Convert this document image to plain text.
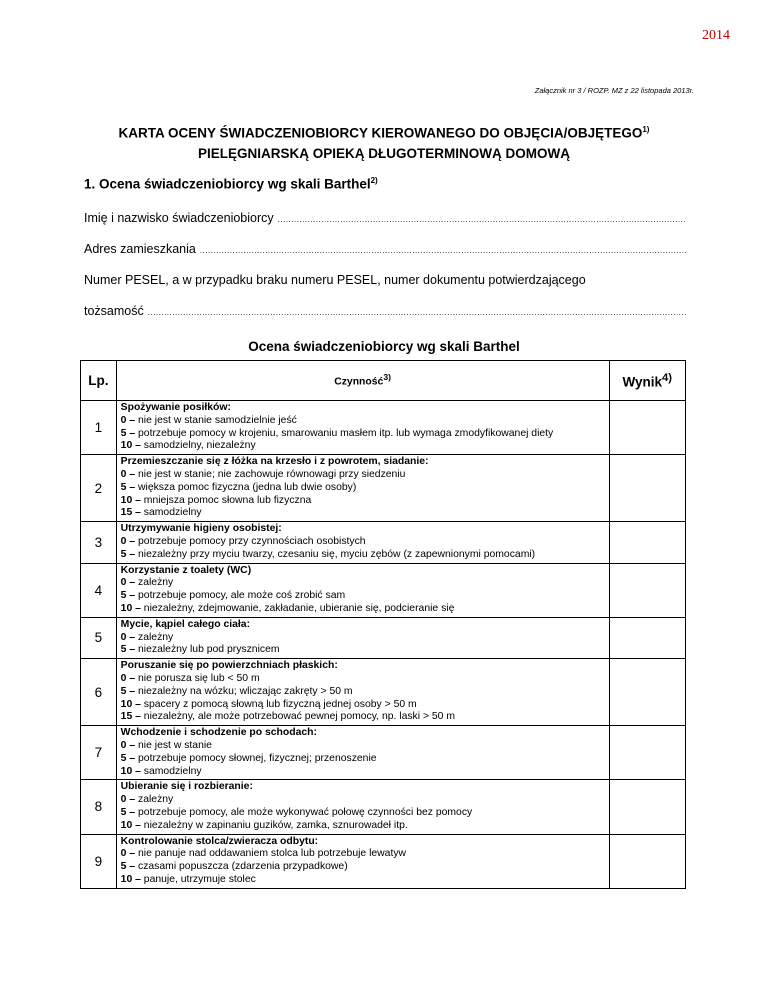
2014
Załącznik nr 3 / ROZP. MZ z 22 listopada 2013r.
KARTA OCENY ŚWIADCZENIOBIORCY KIEROWANEGO DO OBJĘCIA/OBJĘTEGO$^{1)}$
PIELĘGNIARSKĄ OPIEKĄ DŁUGOTERMINOWĄ DOMOWĄ
1. Ocena świadczeniobiorcy wg skali Barthel$^{2)}$
Imię i nazwisko świadczeniobiorcy
.....
Adres zamieszkania
.....
Numer PESEL, a w przypadku braku numeru PESEL, numer dokumentu potwierdzającego
tożsamość
.....
Ocena świadczeniobiorcy wg skali Barthel
Lp.	Czynność$^{3)}$	Wynik$^{4)}$
1	Spożywanie posiłków:
0 – nie jest w stanie samodzielnie jeść
5 – potrzebuje pomocy w krojeniu, smarowaniu masłem itp. lub wymaga zmodyfikowanej diety
10 – samodzielny, niezależny	

2	Przemieszczanie się z łóżka na krzesło i z powrotem, siadanie:
0 – nie jest w stanie; nie zachowuje równowagi przy siedzeniu
5 – większa pomoc fizyczna (jedna lub dwie osoby)
10 – mniejsza pomoc słowna lub fizyczna
15 – samodzielny	

3	Utrzymywanie higieny osobistej:
0 – potrzebuje pomocy przy czynnościach osobistych
5 – niezależny przy myciu twarzy, czesaniu się, myciu zębów (z zapewnionymi pomocami)	

4	Korzystanie z toalety (WC)
0 – zależny
5 – potrzebuje pomocy, ale może coś zrobić sam
10 – niezależny, zdejmowanie, zakładanie, ubieranie się, podcieranie się	

5	Mycie, kąpiel całego ciała:
0 – zależny
5 – niezależny lub pod prysznicem	

6	Poruszanie się po powierzchniach płaskich:
0 – nie porusza się lub < 50 m
5 – niezależny na wózku; wliczając zakręty > 50 m
10 – spacery z pomocą słowną lub fizyczną jednej osoby > 50 m
15 – niezależny, ale może potrzebować pewnej pomocy, np. laski > 50 m	

7	Wchodzenie i schodzenie po schodach:
0 – nie jest w stanie
5 – potrzebuje pomocy słownej, fizycznej; przenoszenie
10 – samodzielny	

8	Ubieranie się i rozbieranie:
0 – zależny
5 – potrzebuje pomocy, ale może wykonywać połowę czynności bez pomocy
10 – niezależny w zapinaniu guzików, zamka, sznurowadeł itp.	

9	Kontrolowanie stolca/zwieracza odbytu:
0 – nie panuje nad oddawaniem stolca lub potrzebuje lewatyw
5 – czasami popuszcza (zdarzenia przypadkowe)
10 – panuje, utrzymuje stolec	
